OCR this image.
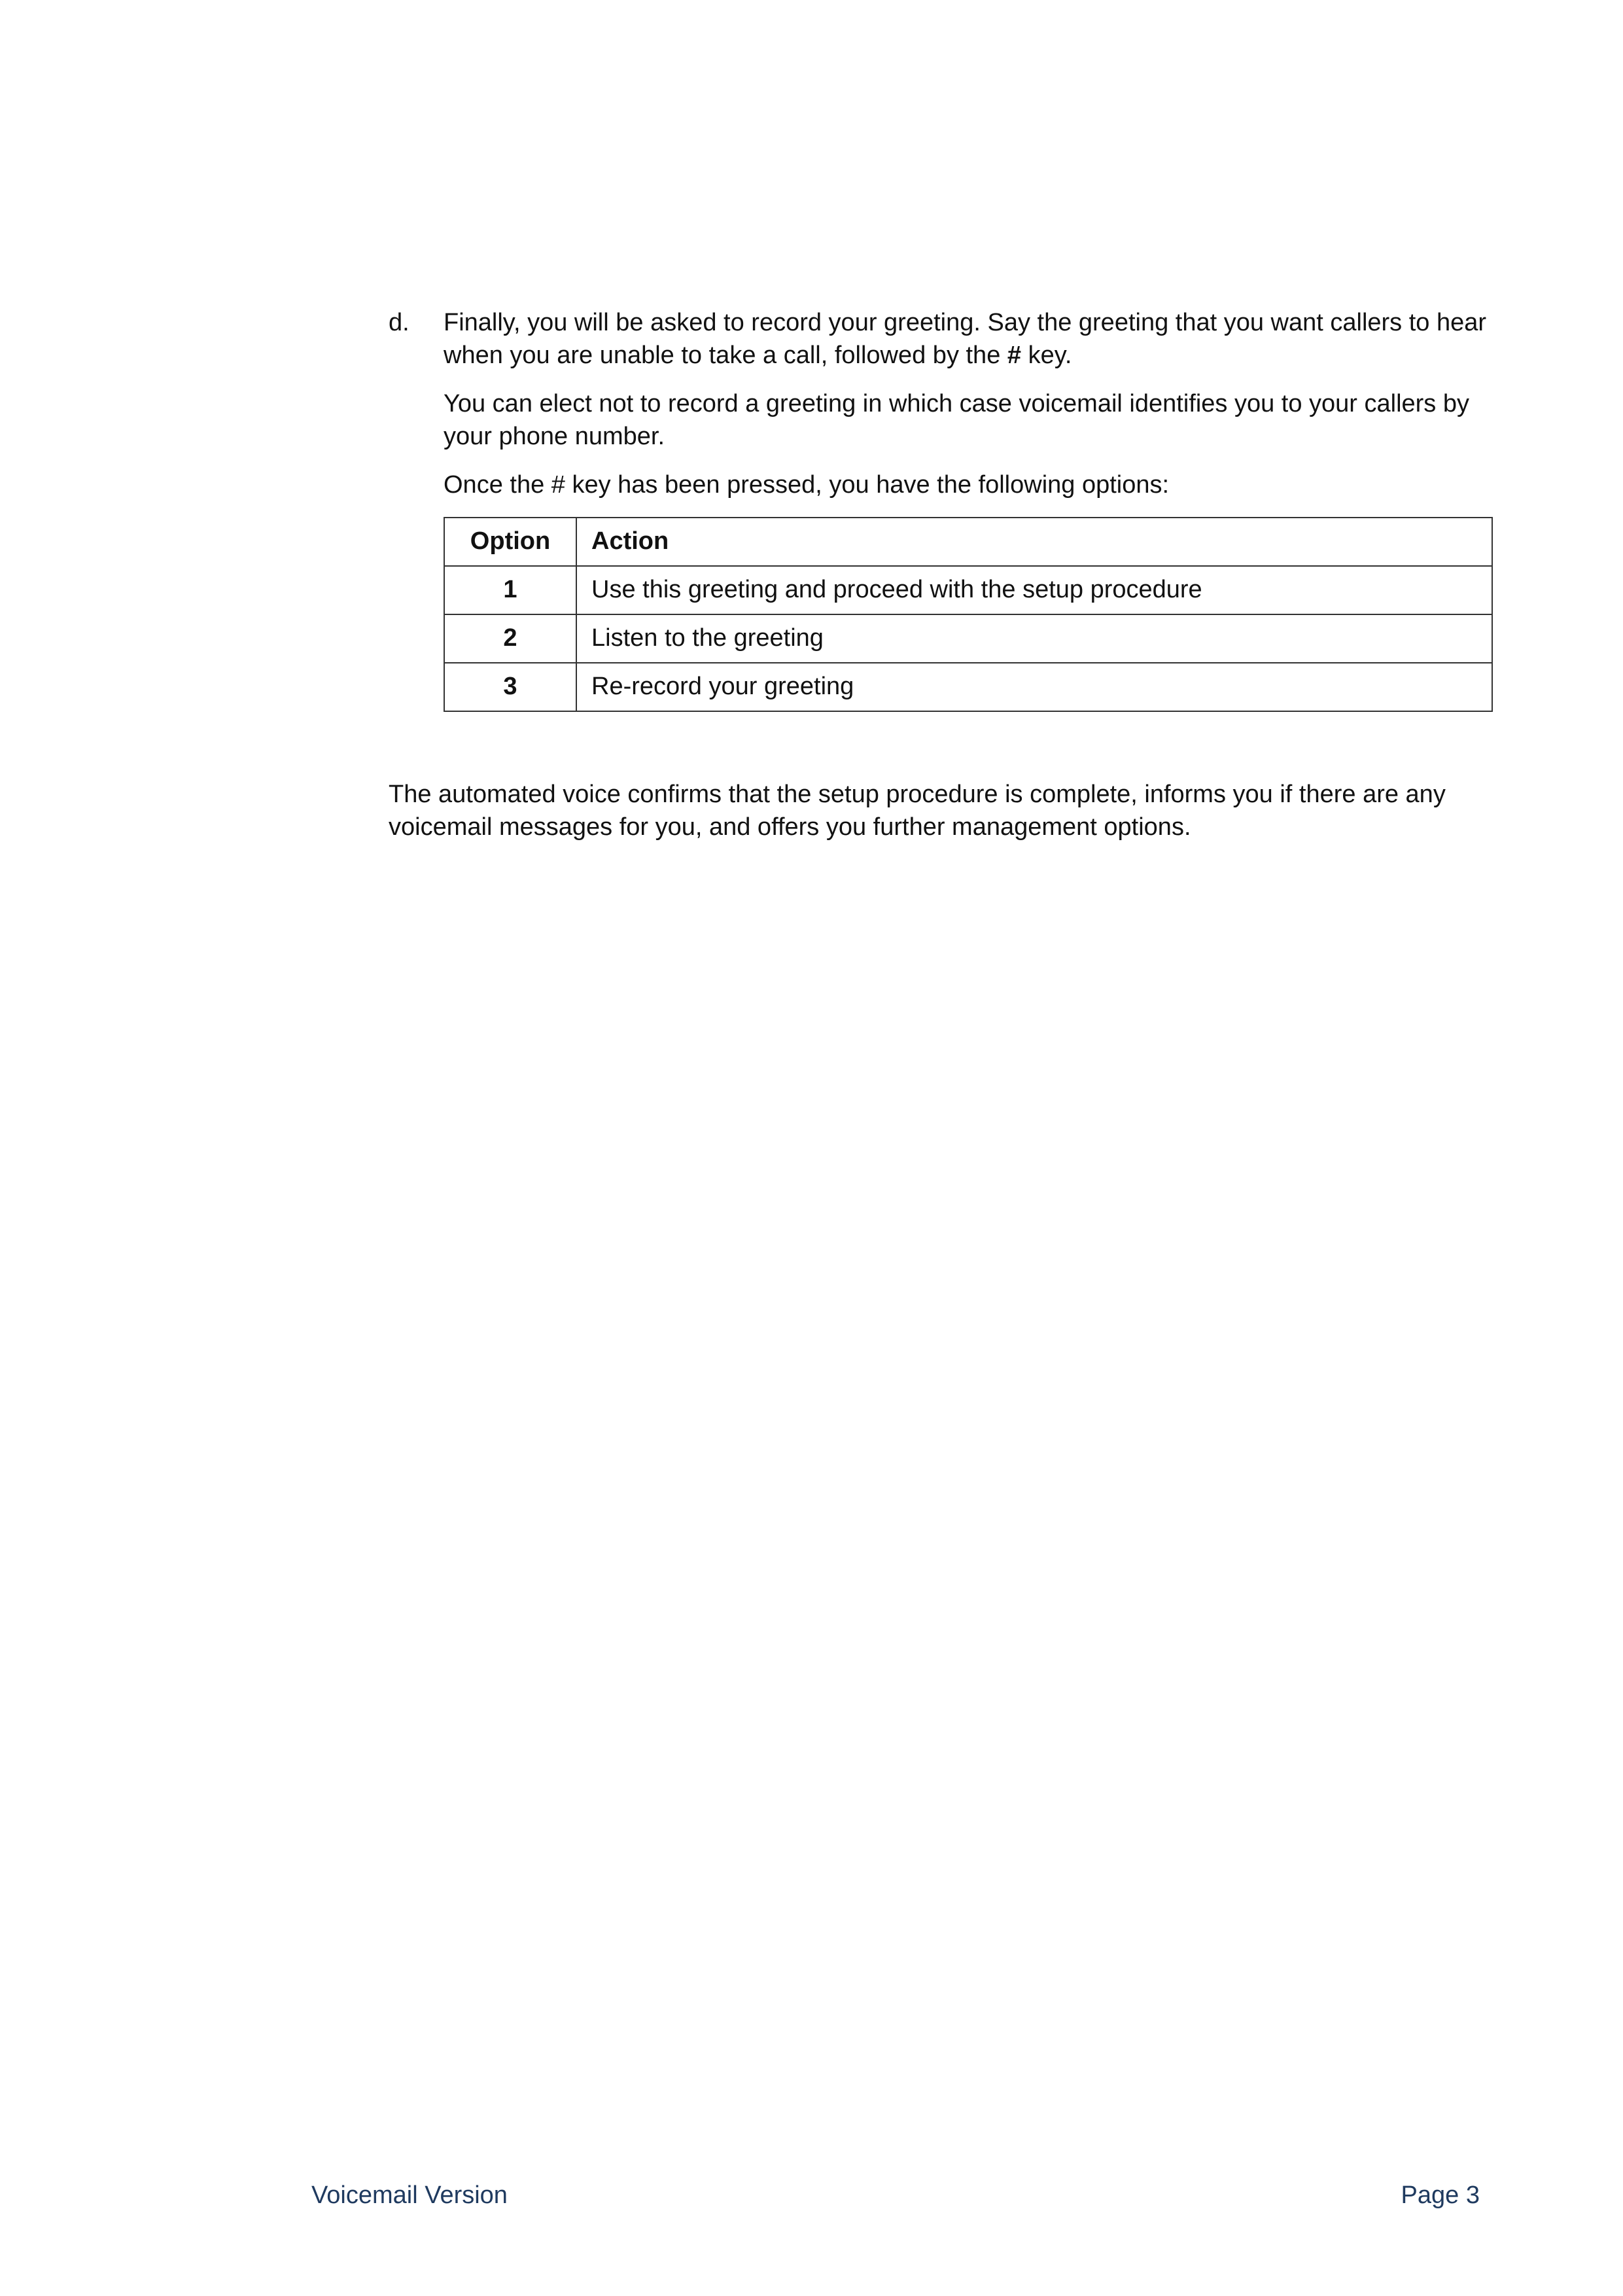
d. Finally, you will be asked to record your greeting. Say the greeting that you want callers to hear when you are unable to take a call, followed by the # key.

You can elect not to record a greeting in which case voicemail identifies you to your callers by your phone number.

Once the # key has been pressed, you have the following options:

Option	Action
1	Use this greeting and proceed with the setup procedure
2	Listen to the greeting
3	Re-record your greeting

The automated voice confirms that the setup procedure is complete, informs you if there are any voicemail messages for you, and offers you further management options.

Voicemail Version	Page 3
